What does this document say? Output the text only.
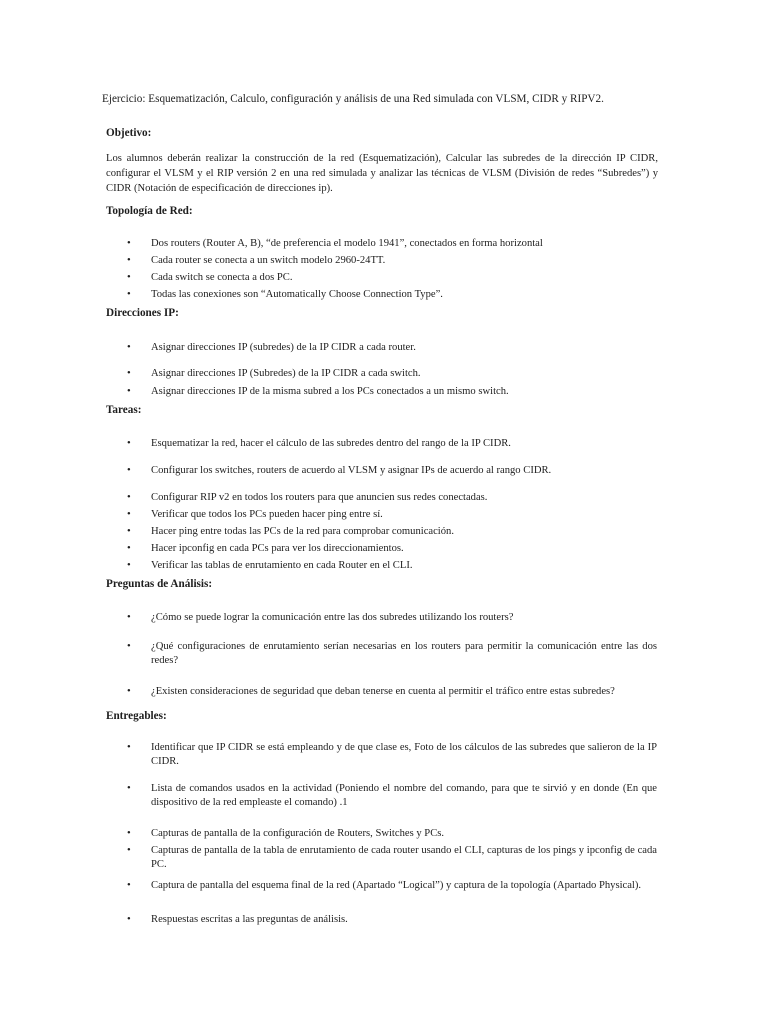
Ejercicio: Esquematización, Calculo, configuración y análisis de una Red simulada con VLSM, CIDR y RIPV2.
Objetivo:
Los alumnos deberán realizar la construcción de la red (Esquematización), Calcular las subredes de la dirección IP CIDR, configurar el VLSM y el RIP versión 2 en una red simulada y analizar las técnicas de VLSM (División de redes “Subredes”) y CIDR (Notación de especificación de direcciones ip).
Topología de Red:
• Dos routers (Router A, B), “de preferencia el modelo 1941”, conectados en forma horizontal
• Cada router se conecta a un switch modelo 2960-24TT.
• Cada switch se conecta a dos PC.
• Todas las conexiones son “Automatically Choose Connection Type”.
Direcciones IP:
• Asignar direcciones IP (subredes) de la IP CIDR a cada router.
• Asignar direcciones IP (Subredes) de la IP CIDR a cada switch.
• Asignar direcciones IP de la misma subred a los PCs conectados a un mismo switch.
Tareas:
• Esquematizar la red, hacer el cálculo de las subredes dentro del rango de la IP CIDR.
• Configurar los switches, routers de acuerdo al VLSM y asignar IPs de acuerdo al rango CIDR.
• Configurar RIP v2 en todos los routers para que anuncien sus redes conectadas.
• Verificar que todos los PCs pueden hacer ping entre sí.
• Hacer ping entre todas las PCs de la red para comprobar comunicación.
• Hacer ipconfig en cada PCs para ver los direccionamientos.
• Verificar las tablas de enrutamiento en cada Router en el CLI.
Preguntas de Análisis:
• ¿Cómo se puede lograr la comunicación entre las dos subredes utilizando los routers?
• ¿Qué configuraciones de enrutamiento serían necesarias en los routers para permitir la comunicación entre las dos redes?
• ¿Existen consideraciones de seguridad que deban tenerse en cuenta al permitir el tráfico entre estas subredes?
Entregables:
• Identificar que IP CIDR se está empleando y de que clase es, Foto de los cálculos de las subredes que salieron de la IP CIDR.
• Lista de comandos usados en la actividad (Poniendo el nombre del comando, para que te sirvió y en donde (En que dispositivo de la red empleaste el comando) .1
• Capturas de pantalla de la configuración de Routers, Switches y PCs.
• Capturas de pantalla de la tabla de enrutamiento de cada router usando el CLI, capturas de los pings y ipconfig de cada PC.
• Captura de pantalla del esquema final de la red (Apartado “Logical”) y captura de la topología (Apartado Physical).
• Respuestas escritas a las preguntas de análisis.
